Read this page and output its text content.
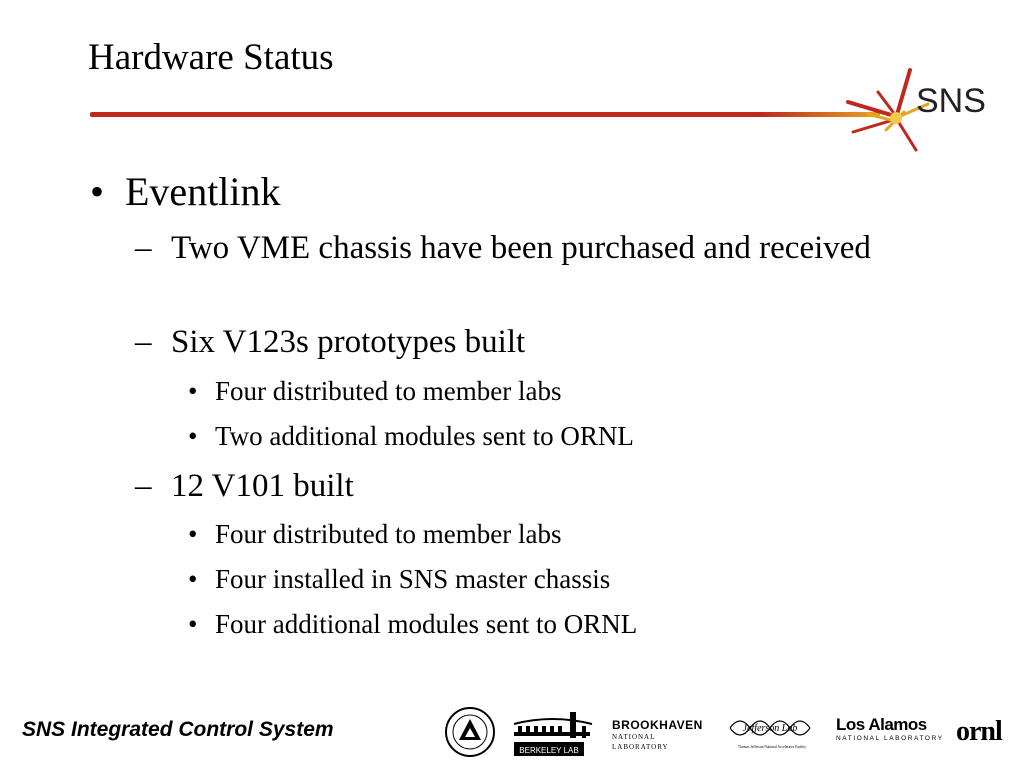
Hardware Status
SNS
• Eventlink
– Two VME chassis have been purchased and received
– Six V123s prototypes built
• Four distributed to member labs
• Two additional modules sent to ORNL
– 12 V101 built
• Four distributed to member labs
• Four installed in SNS master chassis
• Four additional modules sent to ORNL
SNS Integrated Control System
BERKELEY LAB
BROOKHAVEN
NATIONAL LABORATORY
Jefferson Lab
Thomas Jefferson National Accelerator Facility
Los Alamos
NATIONAL LABORATORY ornl
